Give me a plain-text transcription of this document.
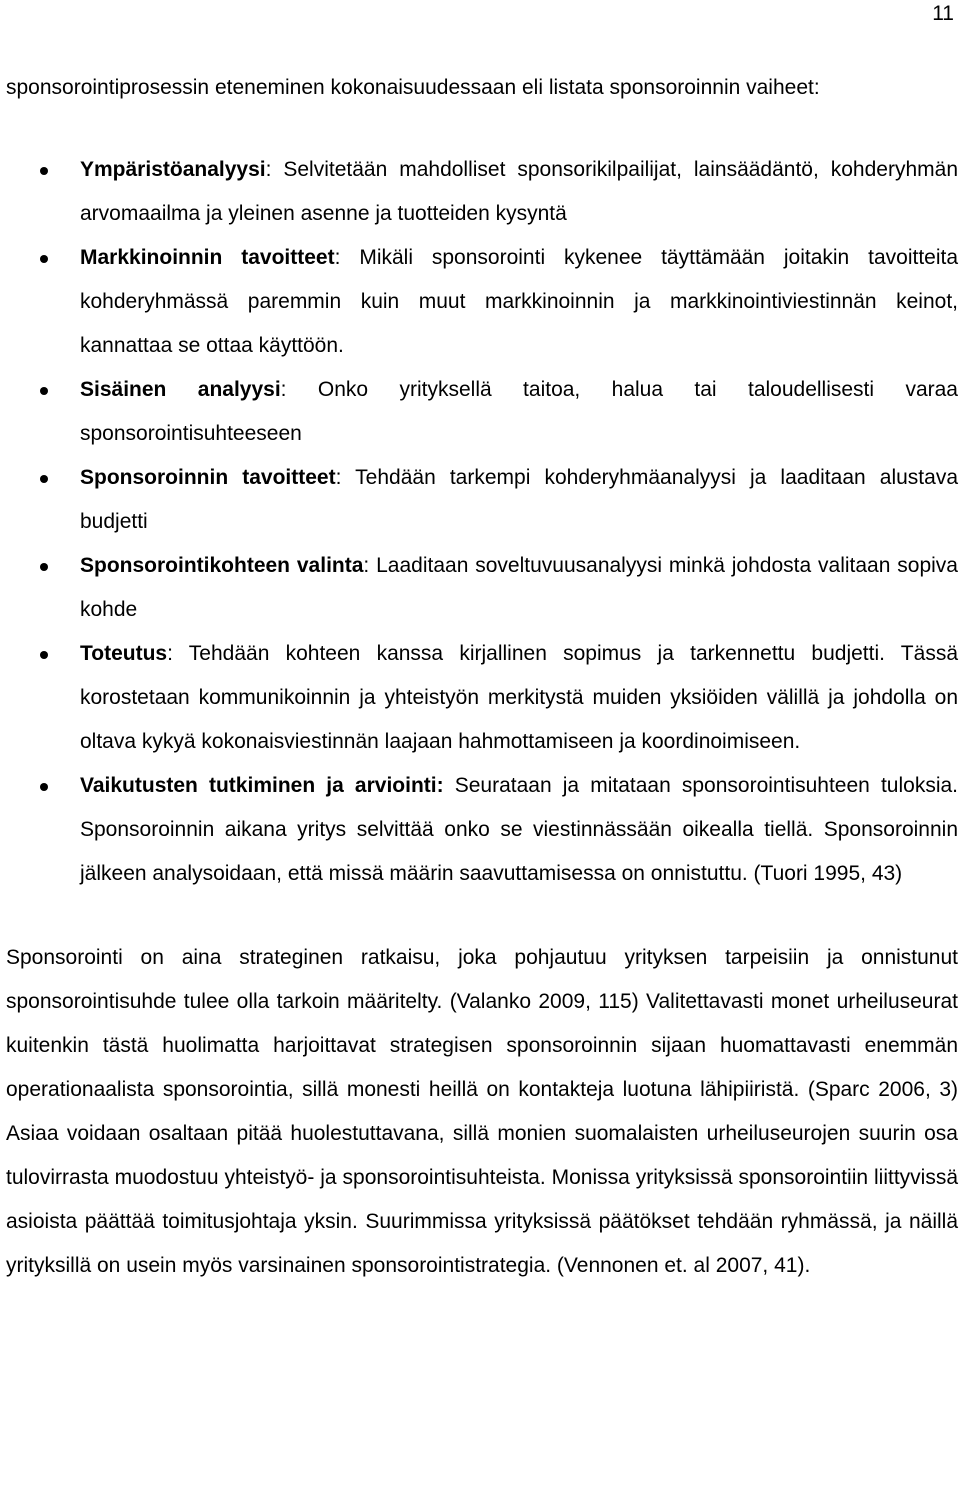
11

sponsorointiprosessin eteneminen kokonaisuudessaan eli listata sponsoroinnin vaiheet:

Ympäristöanalyysi: Selvitetään mahdolliset sponsorikilpailijat, lainsäädäntö, kohderyhmän arvomaailma ja yleinen asenne ja tuotteiden kysyntä
Markkinoinnin tavoitteet: Mikäli sponsorointi kykenee täyttämään joitakin tavoitteita kohderyhmässä paremmin kuin muut markkinoinnin ja markkinointiviestinnän keinot, kannattaa se ottaa käyttöön.
Sisäinen analyysi: Onko yrityksellä taitoa, halua tai taloudellisesti varaa sponsorointisuhteeseen
Sponsoroinnin tavoitteet: Tehdään tarkempi kohderyhmäanalyysi ja laaditaan alustava budjetti
Sponsorointikohteen valinta: Laaditaan soveltuvuusanalyysi minkä johdosta valitaan sopiva kohde
Toteutus: Tehdään kohteen kanssa kirjallinen sopimus ja tarkennettu budjetti. Tässä korostetaan kommunikoinnin ja yhteistyön merkitystä muiden yksiöiden välillä ja johdolla on oltava kykyä kokonaisviestinnän laajaan hahmottamiseen ja koordinoimiseen.
Vaikutusten tutkiminen ja arviointi: Seurataan ja mitataan sponsorointisuhteen tuloksia. Sponsoroinnin aikana yritys selvittää onko se viestinnässään oikealla tiellä. Sponsoroinnin jälkeen analysoidaan, että missä määrin saavuttamisessa on onnistuttu. (Tuori 1995, 43)

Sponsorointi on aina strateginen ratkaisu, joka pohjautuu yrityksen tarpeisiin ja onnistunut sponsorointisuhde tulee olla tarkoin määritelty. (Valanko 2009, 115) Valitettavasti monet urheiluseurat kuitenkin tästä huolimatta harjoittavat strategisen sponsoroinnin sijaan huomattavasti enemmän operationaalista sponsorointia, sillä monesti heillä on kontakteja luotuna lähipiiristä. (Sparc 2006, 3) Asiaa voidaan osaltaan pitää huolestuttavana, sillä monien suomalaisten urheiluseurojen suurin osa tulovirrasta muodostuu yhteistyö- ja sponsorointisuhteista. Monissa yrityksissä sponsorointiin liittyvissä asioista päättää toimitusjohtaja yksin. Suurimmissa yrityksissä päätökset tehdään ryhmässä, ja näillä yrityksillä on usein myös varsinainen sponsorointistrategia. (Vennonen et. al 2007, 41).
